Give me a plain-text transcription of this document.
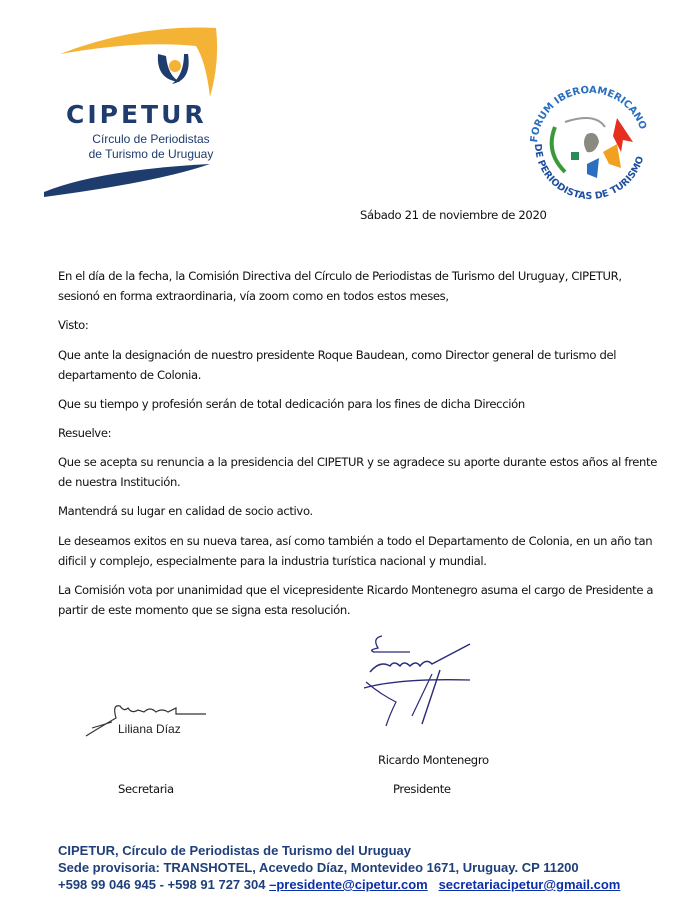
CIPETUR
Círculo de Periodistas
de Turismo de Uruguay
FORUM IBEROAMERICANO
DE PERIODISTAS DE TURISMO
Sábado 21 de noviembre de 2020
En el día de la fecha, la Comisión Directiva del Círculo de Periodistas de Turismo del Uruguay, CIPETUR, sesionó en forma extraordinaria, vía zoom como en todos estos meses,
Visto:
Que ante la designación de nuestro presidente Roque Baudean, como Director general de turismo del departamento de Colonia.
Que su tiempo y profesión serán de total dedicación para los fines de dicha Dirección
Resuelve:
Que se acepta su renuncia a la presidencia del CIPETUR y se agradece su aporte durante estos años al frente de nuestra Institución.
Mantendrá su lugar en calidad de socio activo.
Le deseamos exitos en su nueva tarea, así como también a todo el Departamento de Colonia, en un año tan dificil y complejo, especialmente para la industria turística nacional y mundial.
La Comisión vota por unanimidad que el vicepresidente Ricardo Montenegro asuma el cargo de Presidente a partir de este momento que se signa esta resolución.
Ricardo Montenegro
Liliana Díaz
Secretaria	Presidente
CIPETUR, Círculo de Periodistas de Turismo del Uruguay
Sede provisoria: TRANSHOTEL, Acevedo Díaz, Montevideo 1671, Uruguay. CP 11200
+598 99 046 945 - +598 91 727 304 –presidente@cipetur.com secretariacipetur@gmail.com
